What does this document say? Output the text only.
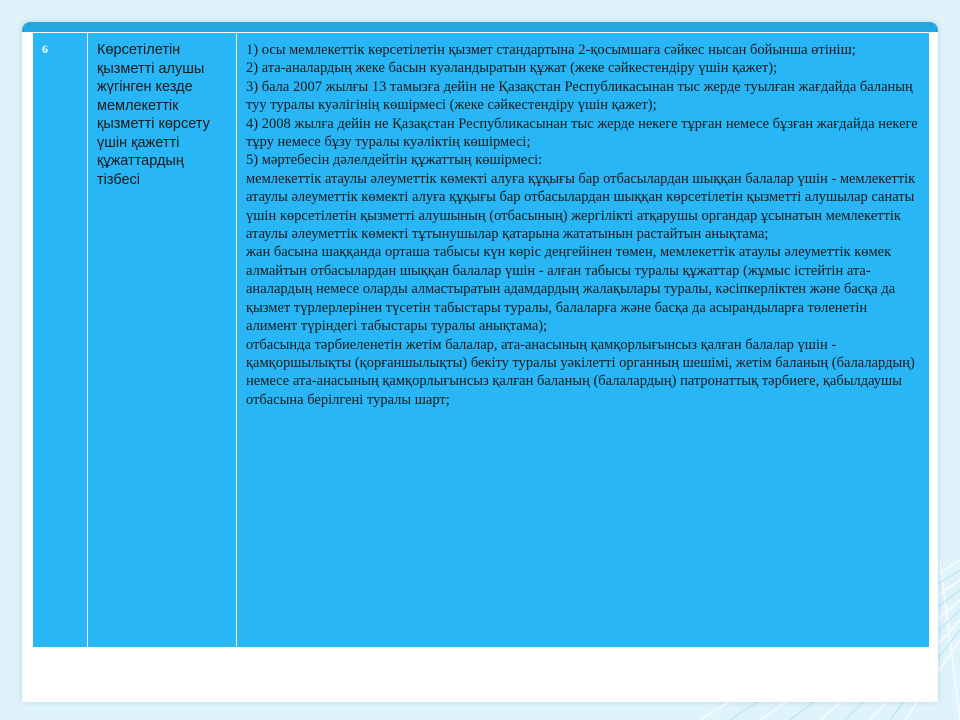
6	Көрсетілетін қызметті алушы жүгінген кезде мемлекеттік қызметті көрсету үшін қажетті құжаттардың тізбесі
1) осы мемлекеттік көрсетілетін қызмет стандартына 2-қосымшаға сәйкес нысан бойынша өтініш;
2) ата-аналардың жеке басын куәландыратын құжат (жеке сәйкестендіру үшін қажет);
3) бала 2007 жылғы 13 тамызға дейін не Қазақстан Республикасынан тыс жерде туылған жағдайда баланың туу туралы куәлігінің көшірмесі (жеке сәйкестендіру үшін қажет);
4) 2008 жылға дейін не Қазақстан Республикасынан тыс жерде некеге тұрған немесе бұзған жағдайда некеге тұру немесе бұзу туралы куәліктің көшірмесі;
5) мәртебесін дәлелдейтін құжаттың көшірмесі:
мемлекеттік атаулы әлеуметтік көмекті алуға құқығы бар отбасылардан шыққан балалар үшін - мемлекеттік атаулы әлеуметтік көмекті алуға құқығы бар отбасылардан шыққан көрсетілетін қызметті алушылар санаты үшін көрсетілетін қызметті алушының (отбасының) жергілікті атқарушы органдар ұсынатын мемлекеттік атаулы әлеуметтік көмекті тұтынушылар қатарына жататынын растайтын анықтама;
жан басына шаққанда орташа табысы күн көріс деңгейінен төмен, мемлекеттік атаулы әлеуметтік көмек алмайтын отбасылардан шыққан балалар үшін - алған табысы туралы құжаттар (жұмыс істейтін ата-аналардың немесе оларды алмастыратын адамдардың жалақылары туралы, кәсіпкерліктен және басқа да қызмет түрлерлерінен түсетін табыстары туралы, балаларға және басқа да асырандыларға төленетін алимент түріндегі табыстары туралы анықтама);
отбасында тәрбиеленетін жетім балалар, ата-анасының қамқорлығынсыз қалған балалар үшін - қамқоршылықты (қорғаншылықты) бекіту туралы уәкілетті органның шешімі, жетім баланың (балалардың) немесе ата-анасының қамқорлығынсыз қалған баланың (балалардың) патронаттық тәрбиеге, қабылдаушы отбасына берілгені туралы шарт;
